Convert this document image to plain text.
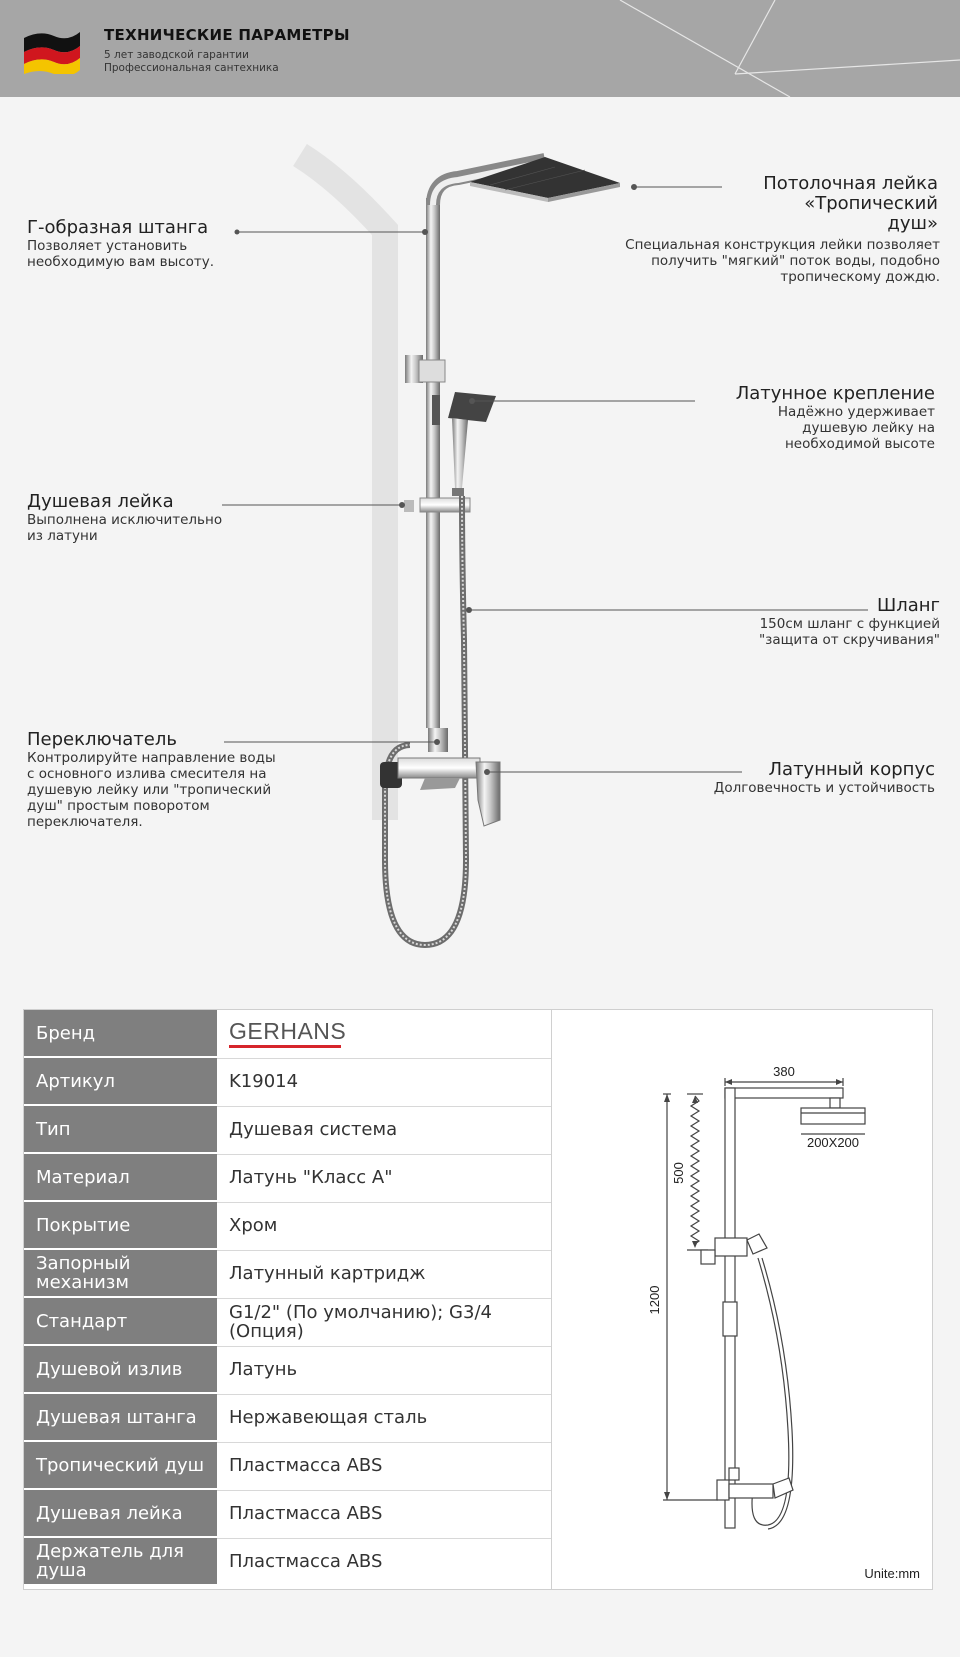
ТЕХНИЧЕСКИЕ ПАРАМЕТРЫ
5 лет заводской гарантии
Профессиональная сантехника
Г-образная штанга
Позволяет установить необходимую вам высоту.
Душевая лейка
Выполнена исключительно из латуни
Переключатель
Контролируйте направление воды с основного излива смесителя на душевую лейку или "тропический душ" простым поворотом переключателя.
Потолочная лейка «Тропический душ»
Специальная конструкция лейки позволяет получить "мягкий" поток воды, подобно тропическому дождю.
Латунное крепление
Надёжно удерживает душевую лейку на необходимой высоте
Шланг
150см шланг с функцией "защита от скручивания"
Латунный корпус
Долговечность и устойчивость
Бренд	GERHANS
Артикул	K19014
Тип	Душевая система
Материал	Латунь "Класс А"
Покрытие	Хром
Запорный механизм	Латунный картридж
Стандарт	G1/2" (По умолчанию); G3/4 (Опция)
Душевой излив	Латунь
Душевая штанга	Нержавеющая сталь
Тропический душ	Пластмасса ABS
Душевая лейка	Пластмасса ABS
Держатель для душа	Пластмасса ABS
380
200X200
500
1200
Unite:mm
